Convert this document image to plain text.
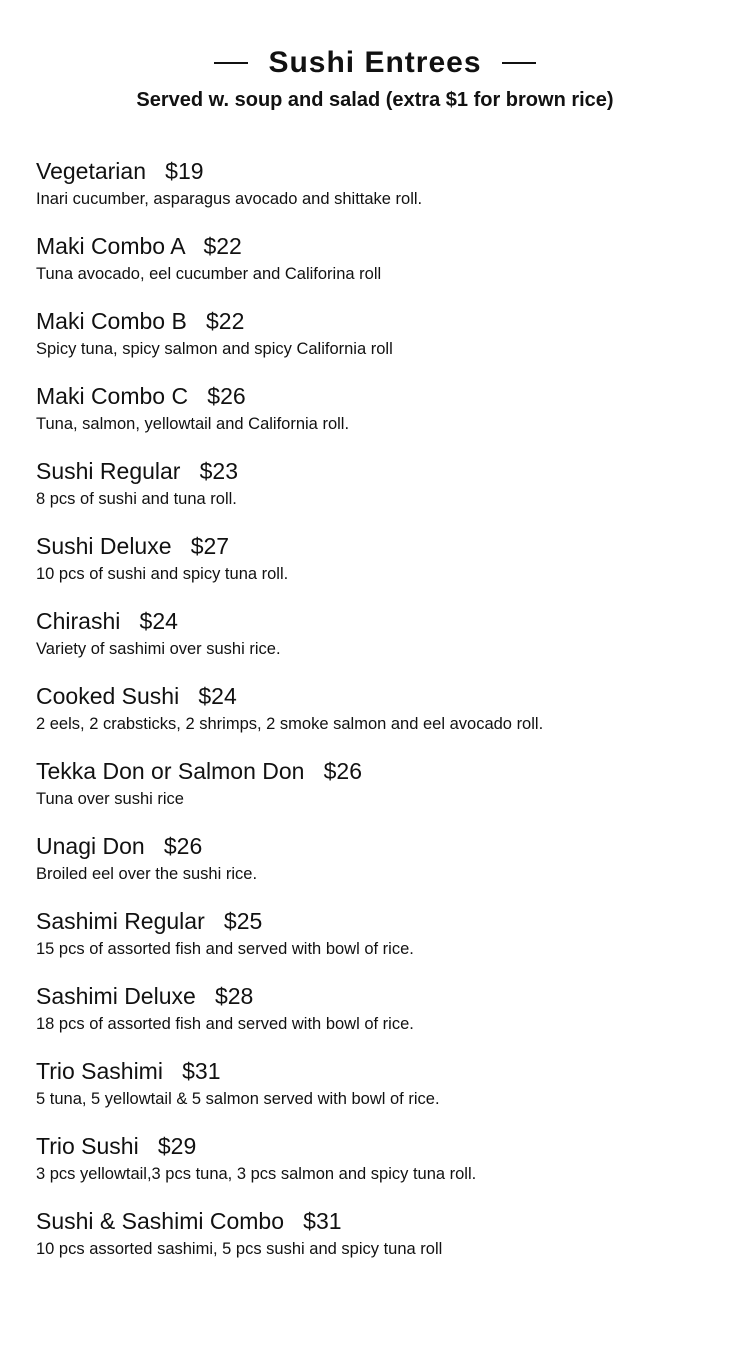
Sushi Entrees
Served w. soup and salad (extra $1 for brown rice)
Vegetarian $19
Inari cucumber, asparagus avocado and shittake roll.
Maki Combo A $22
Tuna avocado, eel cucumber and Califorina roll
Maki Combo B $22
Spicy tuna, spicy salmon and spicy California roll
Maki Combo C $26
Tuna, salmon, yellowtail and California roll.
Sushi Regular $23
8 pcs of sushi and tuna roll.
Sushi Deluxe $27
10 pcs of sushi and spicy tuna roll.
Chirashi $24
Variety of sashimi over sushi rice.
Cooked Sushi $24
2 eels, 2 crabsticks, 2 shrimps, 2 smoke salmon and eel avocado roll.
Tekka Don or Salmon Don $26
Tuna over sushi rice
Unagi Don $26
Broiled eel over the sushi rice.
Sashimi Regular $25
15 pcs of assorted fish and served with bowl of rice.
Sashimi Deluxe $28
18 pcs of assorted fish and served with bowl of rice.
Trio Sashimi $31
5 tuna, 5 yellowtail & 5 salmon served with bowl of rice.
Trio Sushi $29
3 pcs yellowtail,3 pcs tuna, 3 pcs salmon and spicy tuna roll.
Sushi & Sashimi Combo $31
10 pcs assorted sashimi, 5 pcs sushi and spicy tuna roll
